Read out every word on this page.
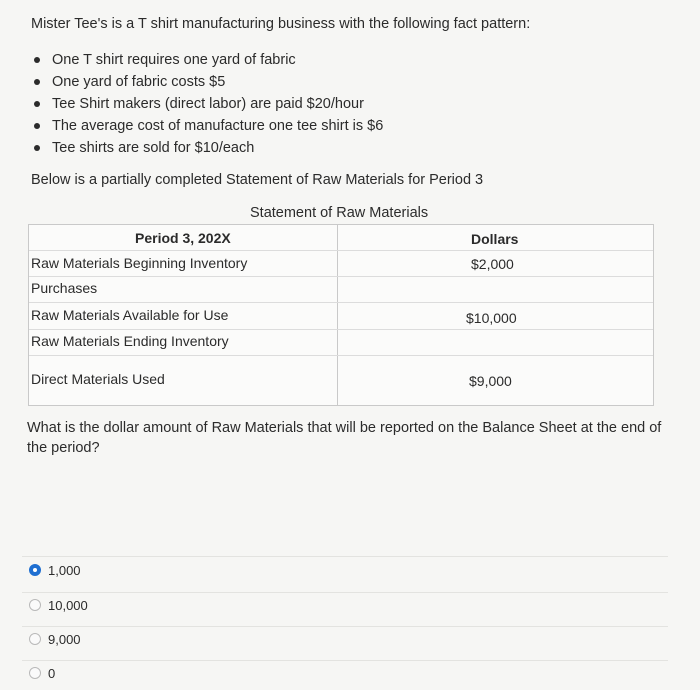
Mister Tee's is a T shirt manufacturing business with the following fact pattern:
One T shirt requires one yard of fabric
One yard of fabric costs $5
Tee Shirt makers (direct labor) are paid $20/hour
The average cost of manufacture one tee shirt is $6
Tee shirts are sold for $10/each
Below is a partially completed Statement of Raw Materials for Period 3
Statement of Raw Materials
Period 3, 202X	Dollars
Raw Materials Beginning Inventory	$2,000
Purchases
Raw Materials Available for Use	$10,000
Raw Materials Ending Inventory
Direct Materials Used	$9,000
What is the dollar amount of Raw Materials that will be reported on the Balance Sheet at the end of the period?
1,000
10,000
9,000
0
